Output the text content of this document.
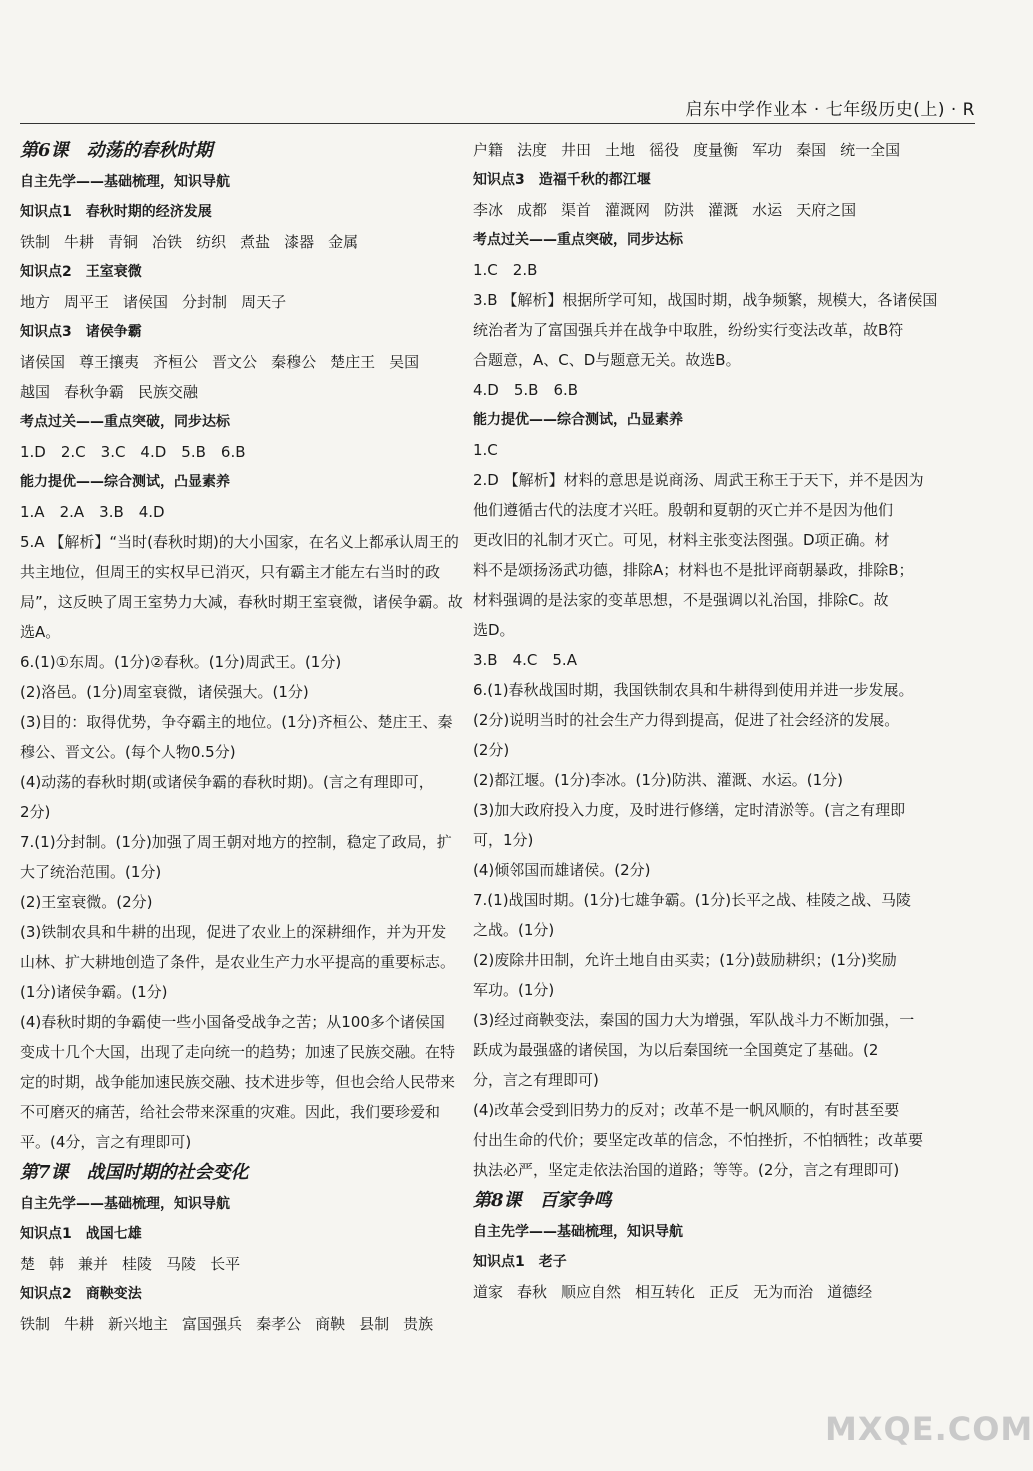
启东中学作业本 · 七年级历史(上) · R
第6课　动荡的春秋时期
自主先学——基础梳理，知识导航
知识点1　春秋时期的经济发展
铁制 牛耕 青铜 冶铁 纺织 煮盐 漆器 金属
知识点2　王室衰微
地方 周平王 诸侯国 分封制 周天子
知识点3　诸侯争霸
诸侯国 尊王攘夷 齐桓公 晋文公 秦穆公 楚庄王 吴国
越国 春秋争霸 民族交融
考点过关——重点突破，同步达标
1.D　2.C　3.C　4.D　5.B　6.B
能力提优——综合测试，凸显素养
1.A　2.A　3.B　4.D
5.A 【解析】“当时(春秋时期)的大小国家，在名义上都承认周王的
共主地位，但周王的实权早已消灭，只有霸主才能左右当时的政
局”，这反映了周王室势力大减，春秋时期王室衰微，诸侯争霸。故
选A。
6.(1)①东周。(1分)②春秋。(1分)周武王。(1分)
(2)洛邑。(1分)周室衰微，诸侯强大。(1分)
(3)目的：取得优势，争夺霸主的地位。(1分)齐桓公、楚庄王、秦
穆公、晋文公。(每个人物0.5分)
(4)动荡的春秋时期(或诸侯争霸的春秋时期)。(言之有理即可，
2分)
7.(1)分封制。(1分)加强了周王朝对地方的控制，稳定了政局，扩
大了统治范围。(1分)
(2)王室衰微。(2分)
(3)铁制农具和牛耕的出现，促进了农业上的深耕细作，并为开发
山林、扩大耕地创造了条件，是农业生产力水平提高的重要标志。
(1分)诸侯争霸。(1分)
(4)春秋时期的争霸使一些小国备受战争之苦；从100多个诸侯国
变成十几个大国，出现了走向统一的趋势；加速了民族交融。在特
定的时期，战争能加速民族交融、技术进步等，但也会给人民带来
不可磨灭的痛苦，给社会带来深重的灾难。因此，我们要珍爱和
平。(4分，言之有理即可)
第7课　战国时期的社会变化
自主先学——基础梳理，知识导航
知识点1　战国七雄
楚 韩 兼并 桂陵 马陵 长平
知识点2　商鞅变法
铁制 牛耕 新兴地主 富国强兵 秦孝公 商鞅 县制 贵族
户籍 法度 井田 土地 徭役 度量衡 军功 秦国 统一全国
知识点3　造福千秋的都江堰
李冰 成都 渠首 灌溉网 防洪 灌溉 水运 天府之国
考点过关——重点突破，同步达标
1.C　2.B
3.B 【解析】根据所学可知，战国时期，战争频繁，规模大，各诸侯国
统治者为了富国强兵并在战争中取胜，纷纷实行变法改革，故B符
合题意，A、C、D与题意无关。故选B。
4.D　5.B　6.B
能力提优——综合测试，凸显素养
1.C
2.D 【解析】材料的意思是说商汤、周武王称王于天下，并不是因为
他们遵循古代的法度才兴旺。殷朝和夏朝的灭亡并不是因为他们
更改旧的礼制才灭亡。可见，材料主张变法图强。D项正确。材
料不是颂扬汤武功德，排除A；材料也不是批评商朝暴政，排除B；
材料强调的是法家的变革思想，不是强调以礼治国，排除C。故
选D。
3.B　4.C　5.A
6.(1)春秋战国时期，我国铁制农具和牛耕得到使用并进一步发展。
(2分)说明当时的社会生产力得到提高，促进了社会经济的发展。
(2分)
(2)都江堰。(1分)李冰。(1分)防洪、灌溉、水运。(1分)
(3)加大政府投入力度，及时进行修缮，定时清淤等。(言之有理即
可，1分)
(4)倾邻国而雄诸侯。(2分)
7.(1)战国时期。(1分)七雄争霸。(1分)长平之战、桂陵之战、马陵
之战。(1分)
(2)废除井田制，允许土地自由买卖；(1分)鼓励耕织；(1分)奖励
军功。(1分)
(3)经过商鞅变法，秦国的国力大为增强，军队战斗力不断加强，一
跃成为最强盛的诸侯国，为以后秦国统一全国奠定了基础。(2
分，言之有理即可)
(4)改革会受到旧势力的反对；改革不是一帆风顺的，有时甚至要
付出生命的代价；要坚定改革的信念，不怕挫折，不怕牺牲；改革要
执法必严，坚定走依法治国的道路；等等。(2分，言之有理即可)
第8课　百家争鸣
自主先学——基础梳理，知识导航
知识点1　老子
道家 春秋 顺应自然 相互转化 正反 无为而治 道德经
MXQE.COM
